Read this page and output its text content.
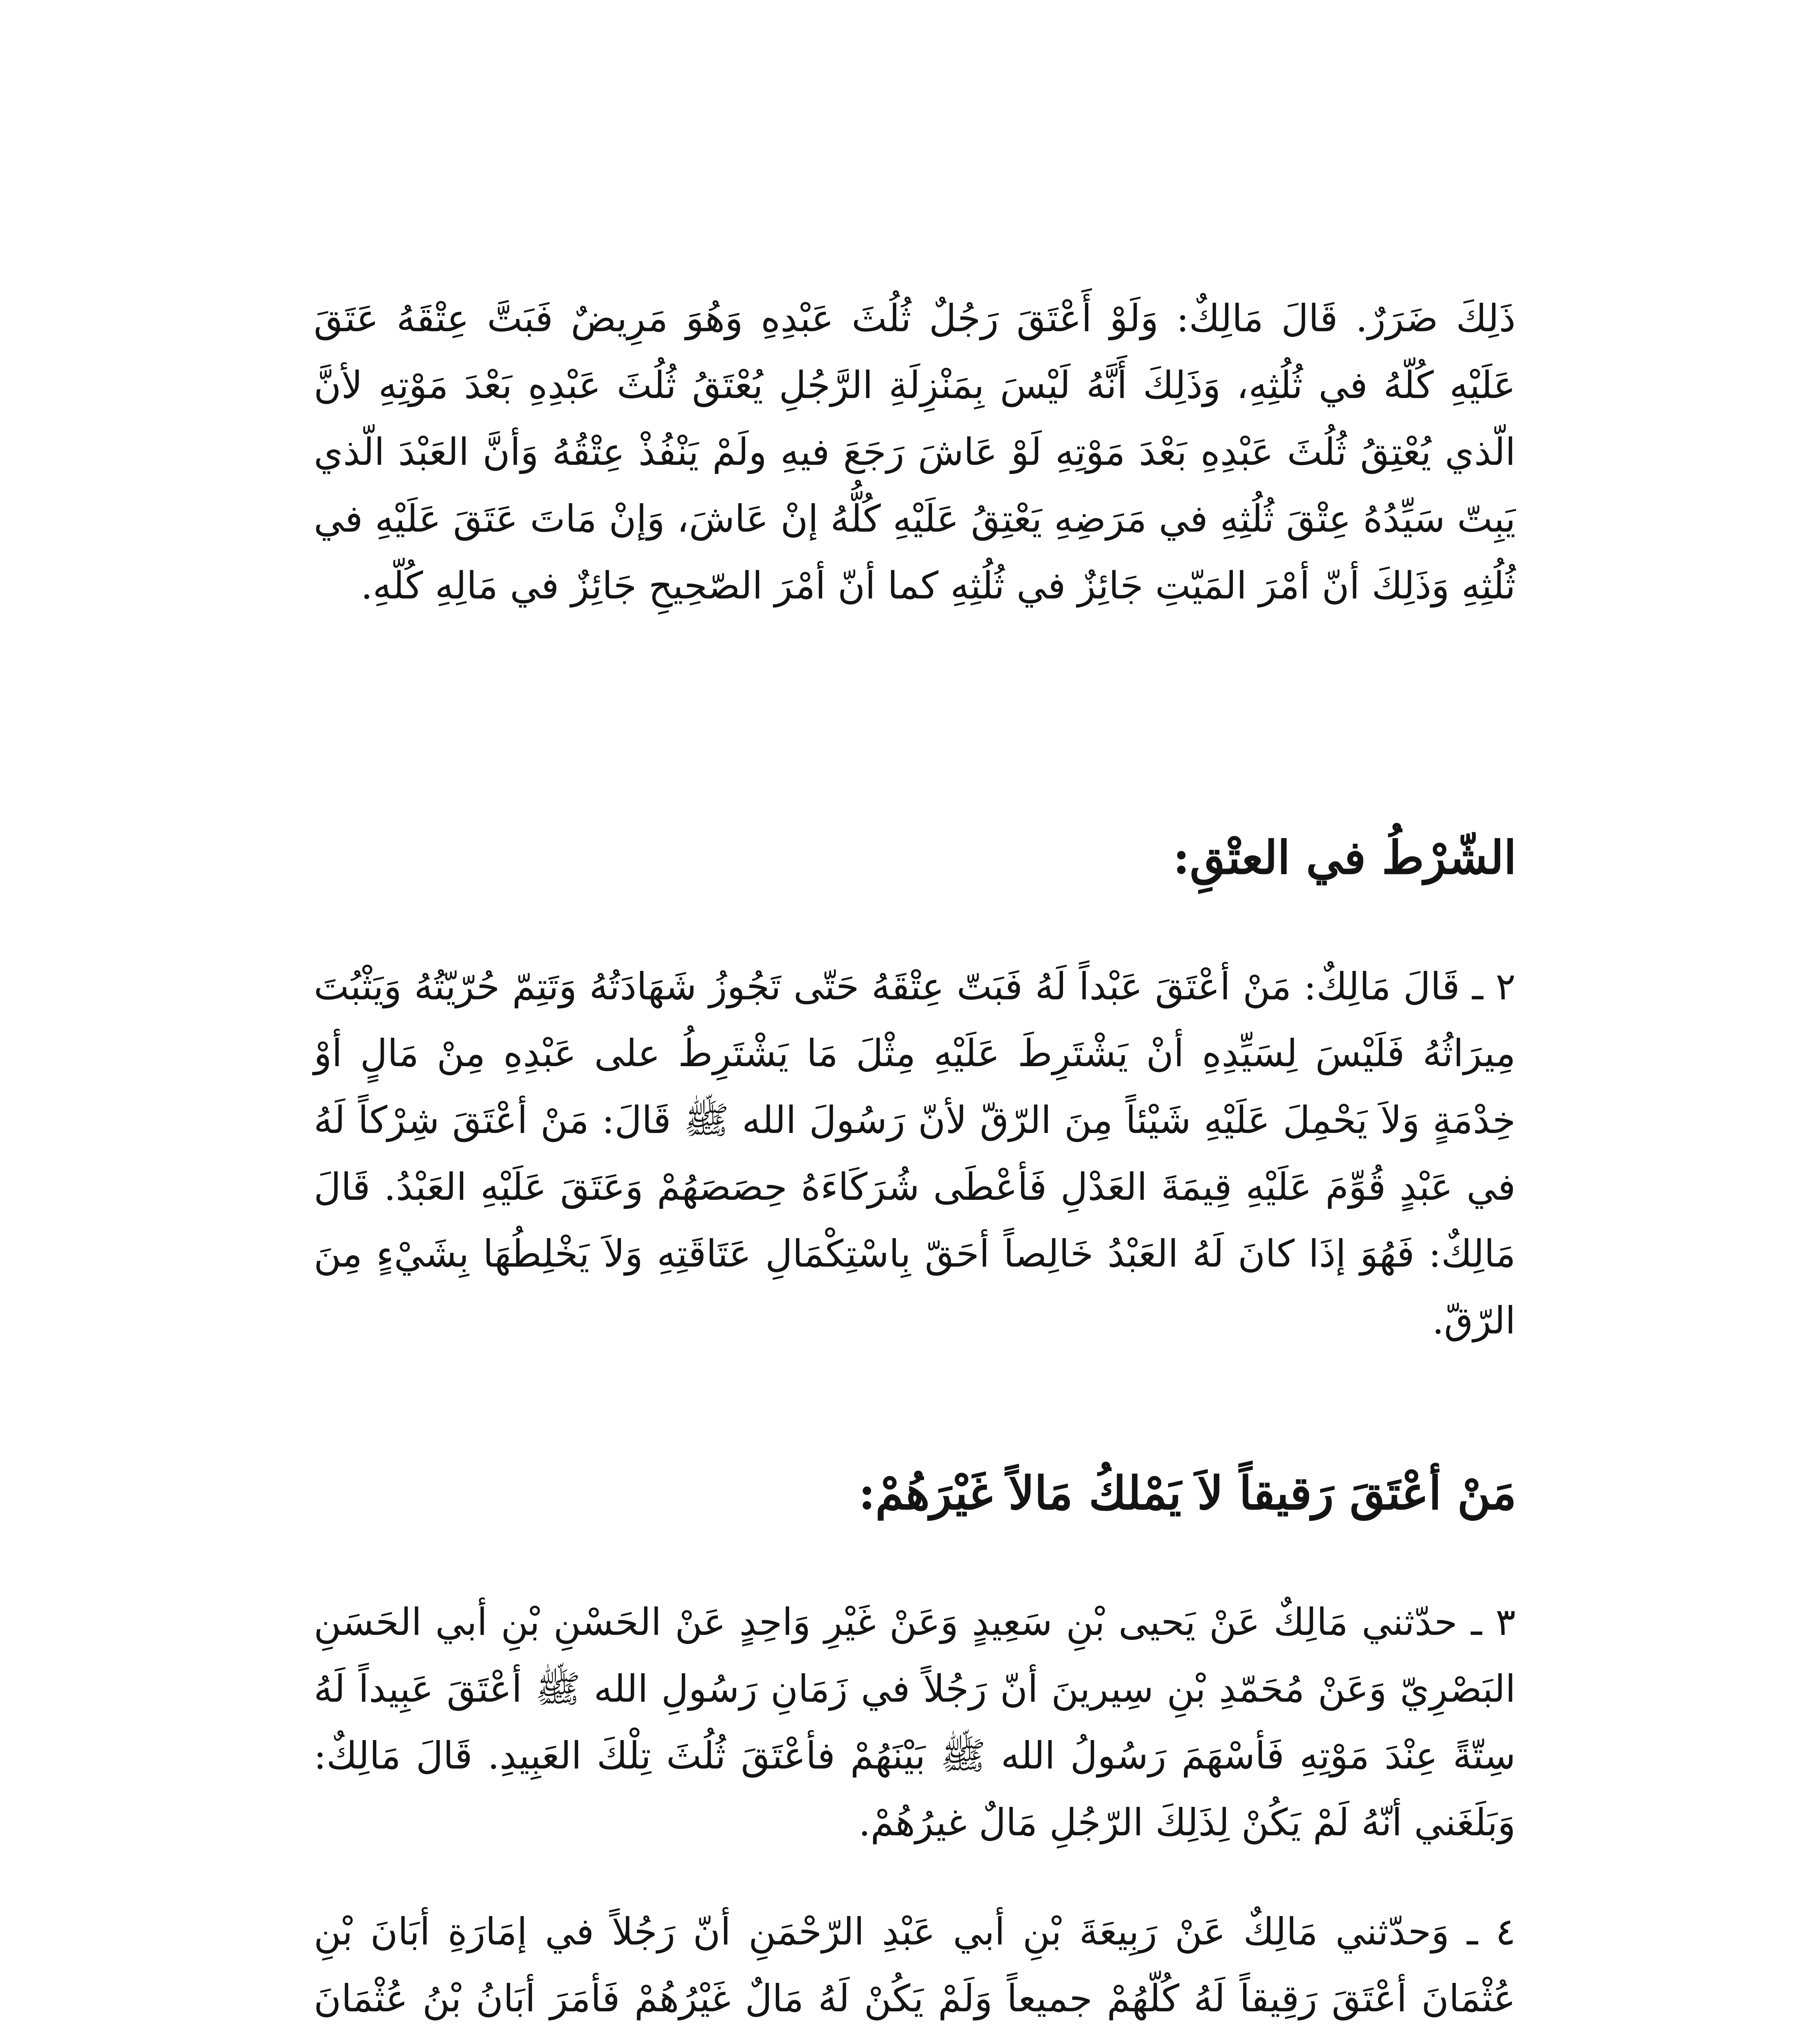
ذَلِكَ ضَرَرٌ. قَالَ مَالِكٌ: وَلَوْ أَعْتَقَ رَجُلٌ ثُلُثَ عَبْدِهِ وَهُوَ مَرِيضٌ فَبَتَّ عِتْقَهُ عَتَقَ عَلَيْهِ كُلّهُ في ثُلُثِهِ، وَذَلِكَ أَنَّهُ لَيْسَ بِمَنْزِلَةِ الرَّجُلِ يُعْتَقُ ثُلُثَ عَبْدِهِ بَعْدَ مَوْتِهِ لأنَّ الّذي يُعْتِقُ ثُلُثَ عَبْدِهِ بَعْدَ مَوْتِهِ لَوْ عَاشَ رَجَعَ فيهِ ولَمْ يَنْفُذْ عِتْقُهُ وَأنَّ العَبْدَ الّذي يَبِتّ سَيِّدُهُ عِتْقَ ثُلُثِهِ في مَرَضِهِ يَعْتِقُ عَلَيْهِ كُلُّهُ إنْ عَاشَ، وَإنْ مَاتَ عَتَقَ عَلَيْهِ في ثُلُثِهِ وَذَلِكَ أنّ أمْرَ المَيّتِ جَائِزٌ في ثُلُثِهِ كما أنّ أمْرَ الصّحِيحِ جَائِزٌ في مَالِهِ كُلّهِ.

الشّرْطُ في العتْقِ:

٢ ـ قَالَ مَالِكٌ: مَنْ أعْتَقَ عَبْداً لَهُ فَبَتّ عِتْقَهُ حَتّى تَجُوزُ شَهَادَتُهُ وَتَتِمّ حُرّيّتُهُ وَيَثْبُتَ مِيرَاثُهُ فَلَيْسَ لِسَيِّدِهِ أنْ يَشْتَرِطَ عَلَيْهِ مِثْلَ مَا يَشْتَرِطُ على عَبْدِهِ مِنْ مَالٍ أوْ خِدْمَةٍ وَلاَ يَحْمِلَ عَلَيْهِ شَيْئاً مِنَ الرّقّ لأنّ رَسُولَ الله ﷺ قَالَ: مَنْ أعْتَقَ شِرْكاً لَهُ في عَبْدٍ قُوِّمَ عَلَيْهِ قِيمَةَ العَدْلِ فَأعْطَى شُرَكَاءَهُ حِصَصَهُمْ وَعَتَقَ عَلَيْهِ العَبْدُ. قَالَ مَالِكٌ: فَهُوَ إذَا كانَ لَهُ العَبْدُ خَالِصاً أحَقّ بِاسْتِكْمَالِ عَتَاقَتِهِ وَلاَ يَخْلِطُهَا بِشَيْءٍ مِنَ الرّقّ.

مَنْ أعْتَقَ رَقيقاً لاَ يَمْلكُ مَالاً غَيْرَهُمْ:

٣ ـ حدّثني مَالِكٌ عَنْ يَحيى بْنِ سَعِيدٍ وَعَنْ غَيْرِ وَاحِدٍ عَنْ الحَسْنِ بْنِ أبي الحَسَنِ البَصْرِيّ وَعَنْ مُحَمّدِ بْنِ سِيرينَ أنّ رَجُلاً في زَمَانِ رَسُولِ الله ﷺ أعْتَقَ عَبِيداً لَهُ سِتّةً عِنْدَ مَوْتِهِ فَأسْهَمَ رَسُولُ الله ﷺ بَيْنَهُمْ فأعْتَقَ ثُلُثَ تِلْكَ العَبِيدِ. قَالَ مَالِكٌ: وَبَلَغَني أنّهُ لَمْ يَكُنْ لِذَلِكَ الرّجُلِ مَالٌ غيرُهُمْ.

٤ ـ وَحدّثني مَالِكٌ عَنْ رَبِيعَةَ بْنِ أبي عَبْدِ الرّحْمَنِ أنّ رَجُلاً في إمَارَةِ أبَانَ بْنِ عُثْمَانَ أعْتَقَ رَقِيقاً لَهُ كُلّهُمْ جميعاً وَلَمْ يَكُنْ لَهُ مَالٌ غَيْرُهُمْ فَأمَرَ أبَانُ بْنُ عُثْمَانَ
